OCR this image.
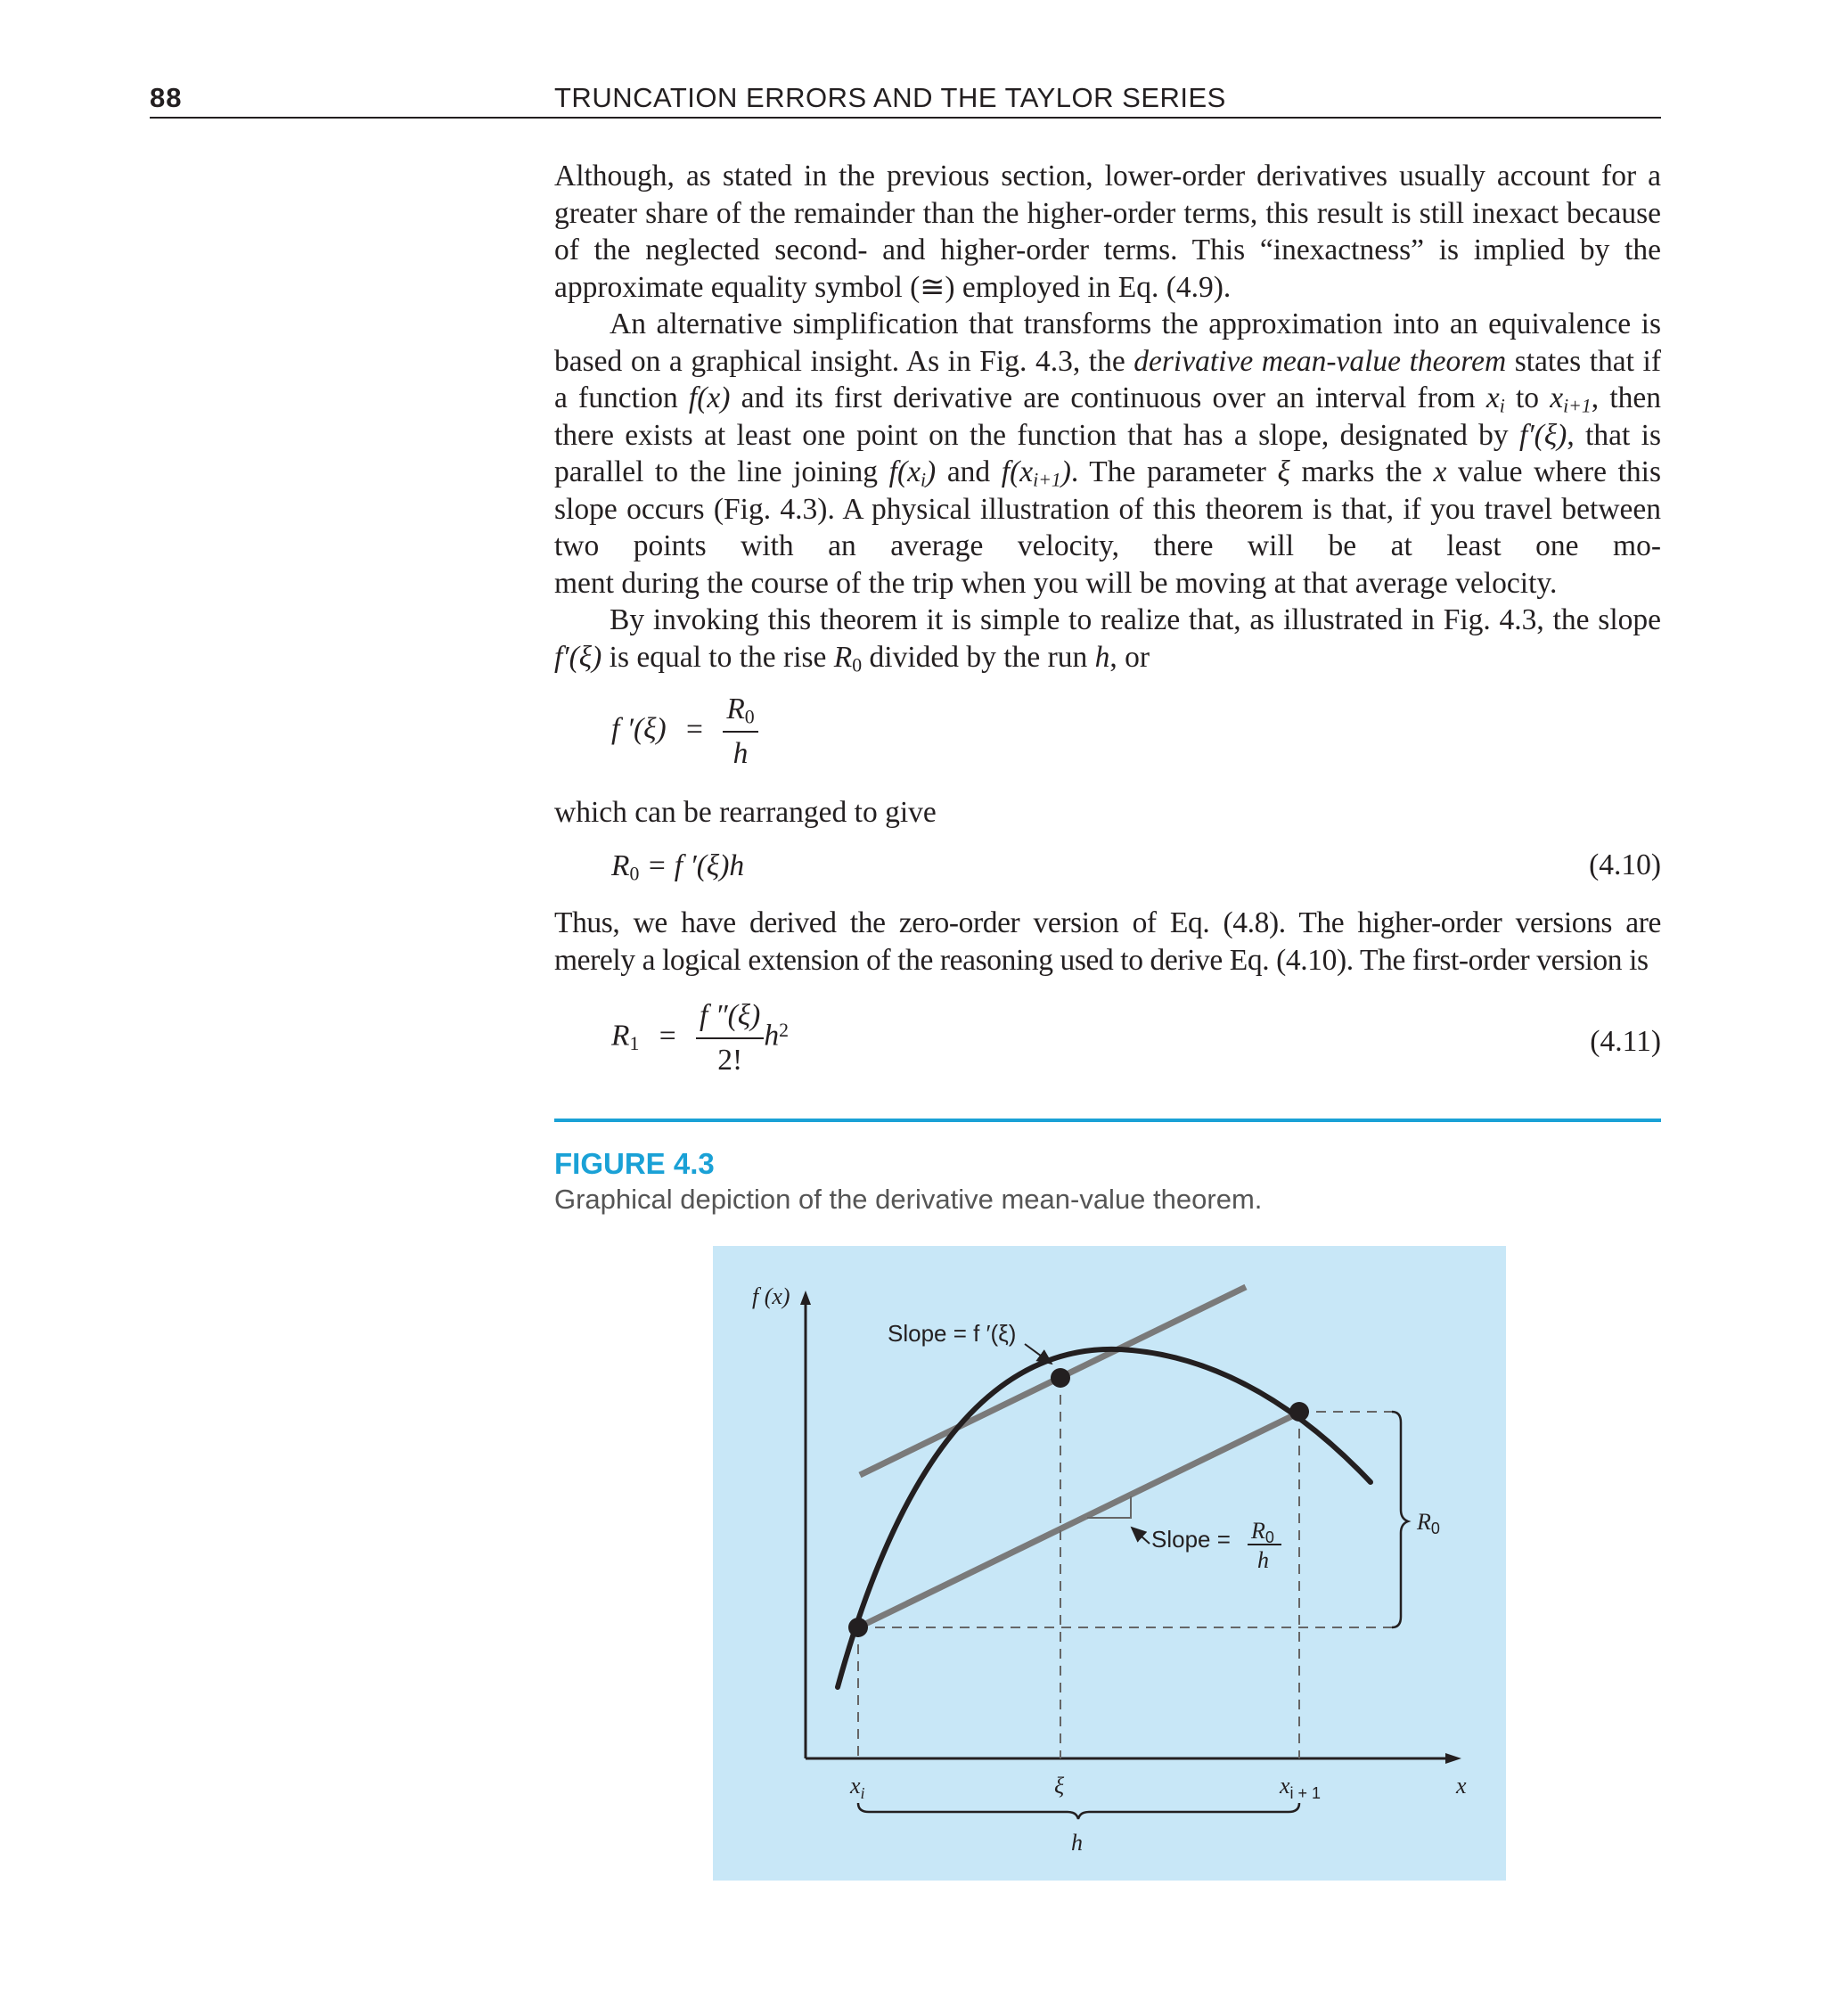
88	TRUNCATION ERRORS AND THE TAYLOR SERIES
Although, as stated in the previous section, lower-order derivatives usually account for a greater share of the remainder than the higher-order terms, this result is still inexact because of the neglected second- and higher-order terms. This “inexactness” is implied by the approximate equality symbol (≅) employed in Eq. (4.9).
An alternative simplification that transforms the approximation into an equivalence is based on a graphical insight. As in Fig. 4.3, the derivative mean-value theorem states that if a function f(x) and its first derivative are continuous over an interval from $x_i$ to $x_{i+1}$, then there exists at least one point on the function that has a slope, designated by f′(ξ), that is parallel to the line joining $f(x_i)$ and $f(x_{i+1})$. The parameter ξ marks the x value where this slope occurs (Fig. 4.3). A physical illustration of this theorem is that, if you travel between two points with an average velocity, there will be at least one mo-
ment during the course of the trip when you will be moving at that average velocity.
By invoking this theorem it is simple to realize that, as illustrated in Fig. 4.3, the slope f′(ξ) is equal to the rise $R_0$ divided by the run h, or
f $'(\xi) = \frac{R_0}{h}$
which can be rearranged to give
$R_0 = f$ ′(ξ)h	(4.10)
Thus, we have derived the zero-order version of Eq. (4.8). The higher-order versions are merely a logical extension of the reasoning used to derive Eq. (4.10). The first-order version is
$R_1 = \frac{f ''(\xi)}{2!} h^2$	(4.11)
FIGURE 4.3
Graphical depiction of the derivative mean-value theorem.
f (x)
Slope = f ′(ξ)
Slope = R0
h
R0
$x_i$	ξ	$x_{i + 1}$	x
h
